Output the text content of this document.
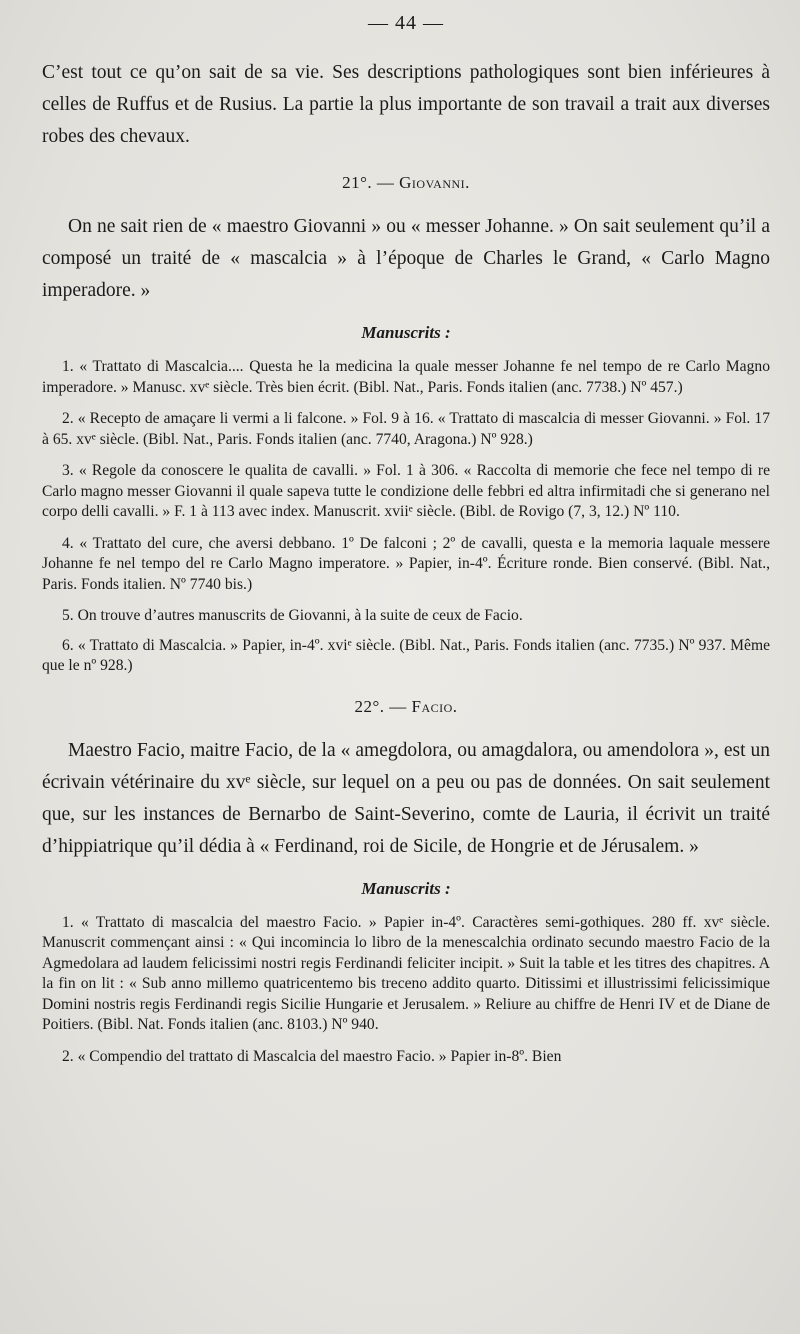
— 44 —

C’est tout ce qu’on sait de sa vie. Ses descriptions pathologiques sont bien inférieures à celles de Ruffus et de Rusius. La partie la plus importante de son travail a trait aux diverses robes des chevaux.

21°. — Giovanni.

On ne sait rien de « maestro Giovanni » ou « messer Johanne. » On sait seulement qu’il a composé un traité de « mascalcia » à l’époque de Charles le Grand, « Carlo Magno imperadore. »

Manuscrits :

1. « Trattato di Mascalcia.... Questa he la medicina la quale messer Johanne fe nel tempo de re Carlo Magno imperadore. » Manusc. xvᵉ siècle. Très bien écrit. (Bibl. Nat., Paris. Fonds italien (anc. 7738.) Nº 457.)

2. « Recepto de amaçare li vermi a li falcone. » Fol. 9 à 16. « Trattato di mascalcia di messer Giovanni. » Fol. 17 à 65. xvᵉ siècle. (Bibl. Nat., Paris. Fonds italien (anc. 7740, Aragona.) Nº 928.)

3. « Regole da conoscere le qualita de cavalli. » Fol. 1 à 306. « Raccolta di memorie che fece nel tempo di re Carlo magno messer Giovanni il quale sapeva tutte le condizione delle febbri ed altra infirmitadi che si generano nel corpo delli cavalli. » F. 1 à 113 avec index. Manuscrit. xviiᵉ siècle. (Bibl. de Rovigo (7, 3, 12.) Nº 110.

4. « Trattato del cure, che aversi debbano. 1º De falconi ; 2º de cavalli, questa e la memoria laquale messere Johanne fe nel tempo del re Carlo Magno imperatore. » Papier, in-4º. Écriture ronde. Bien conservé. (Bibl. Nat., Paris. Fonds italien. Nº 7740 bis.)

5. On trouve d’autres manuscrits de Giovanni, à la suite de ceux de Facio.

6. « Trattato di Mascalcia. » Papier, in-4º. xviᵉ siècle. (Bibl. Nat., Paris. Fonds italien (anc. 7735.) Nº 937. Même que le nº 928.)

22°. — Facio.

Maestro Facio, maitre Facio, de la « amegdolora, ou amagdalora, ou amendolora », est un écrivain vétérinaire du xvᵉ siècle, sur lequel on a peu ou pas de données. On sait seulement que, sur les instances de Bernarbo de Saint-Severino, comte de Lauria, il écrivit un traité d’hippiatrique qu’il dédia à « Ferdinand, roi de Sicile, de Hongrie et de Jérusalem. »

Manuscrits :

1. « Trattato di mascalcia del maestro Facio. » Papier in-4º. Caractères semi-gothiques. 280 ff. xvᵉ siècle. Manuscrit commençant ainsi : « Qui incomincia lo libro de la menescalchia ordinato secundo maestro Facio de la Agmedolara ad laudem felicissimi nostri regis Ferdinandi feliciter incipit. » Suit la table et les titres des chapitres. A la fin on lit : « Sub anno millemo quatricentemo bis treceno addito quarto. Ditissimi et illustrissimi felicissimique Domini nostris regis Ferdinandi regis Sicilie Hungarie et Jerusalem. » Reliure au chiffre de Henri IV et de Diane de Poitiers. (Bibl. Nat. Fonds italien (anc. 8103.) Nº 940.

2. « Compendio del trattato di Mascalcia del maestro Facio. » Papier in-8º. Bien
